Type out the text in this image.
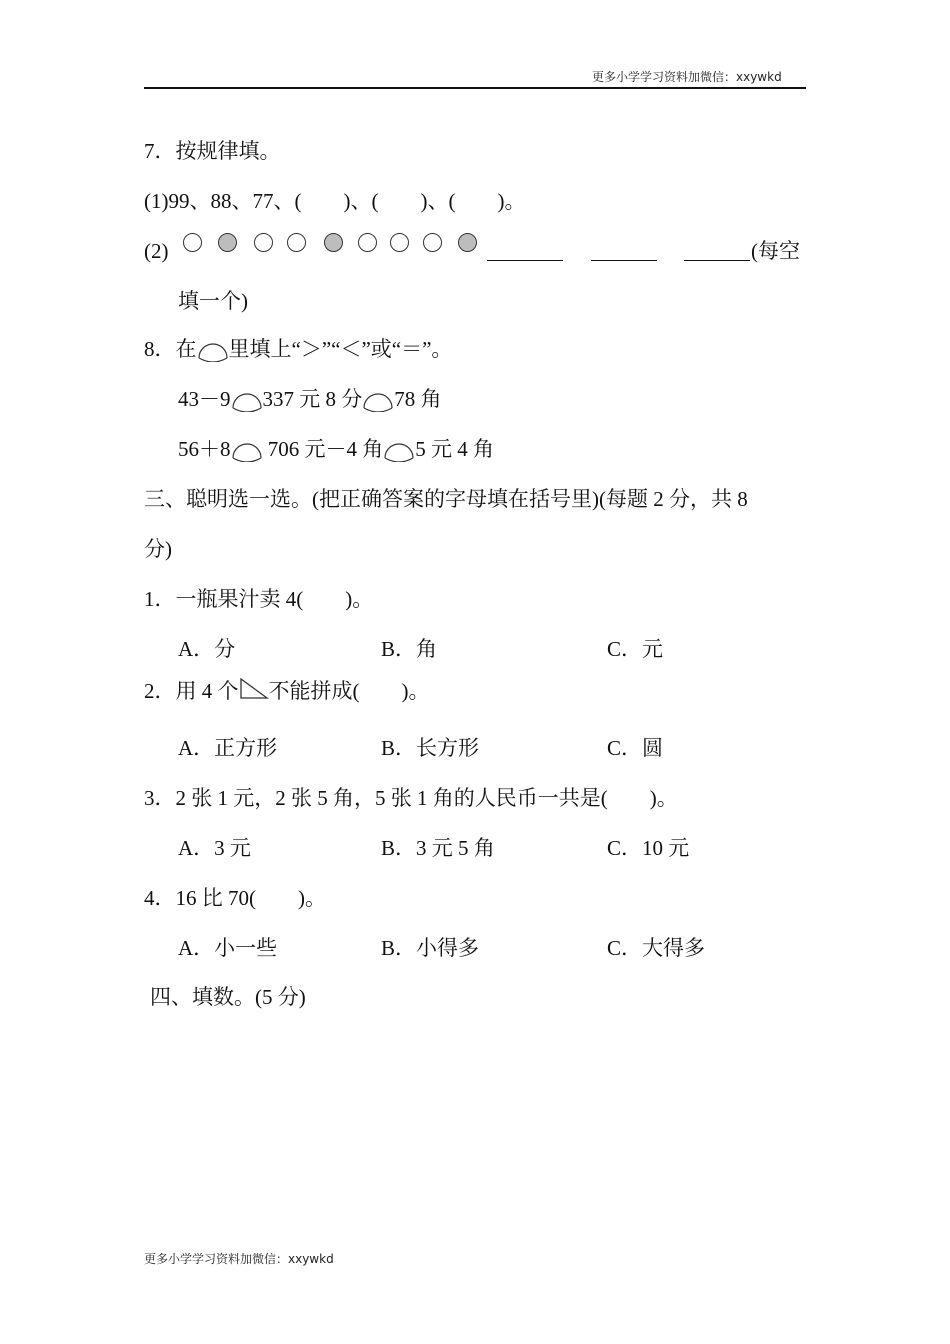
更多小学学习资料加微信：xxywkd
7．按规律填。
(1)99、88、77、(　　)、(　　)、(　　)。
(2)	(每空
填一个)
8．在 里填上“＞”“＜”或“＝”。
43－9 337 元 8 分 78 角
56＋8 706 元－4 角 5 元 4 角
三、聪明选一选。(把正确答案的字母填在括号里)(每题 2 分，共 8
分)
1．一瓶果汁卖 4(　　)。
A．分	B．角	C．元
2．用 4 个 不能拼成(　　)。
A．正方形	B．长方形	C．圆
3．2 张 1 元，2 张 5 角，5 张 1 角的人民币一共是(　　)。
A．3 元	B．3 元 5 角	C．10 元
4．16 比 70(　　)。
A．小一些	B．小得多	C．大得多
四、填数。(5 分)
更多小学学习资料加微信：xxywkd
